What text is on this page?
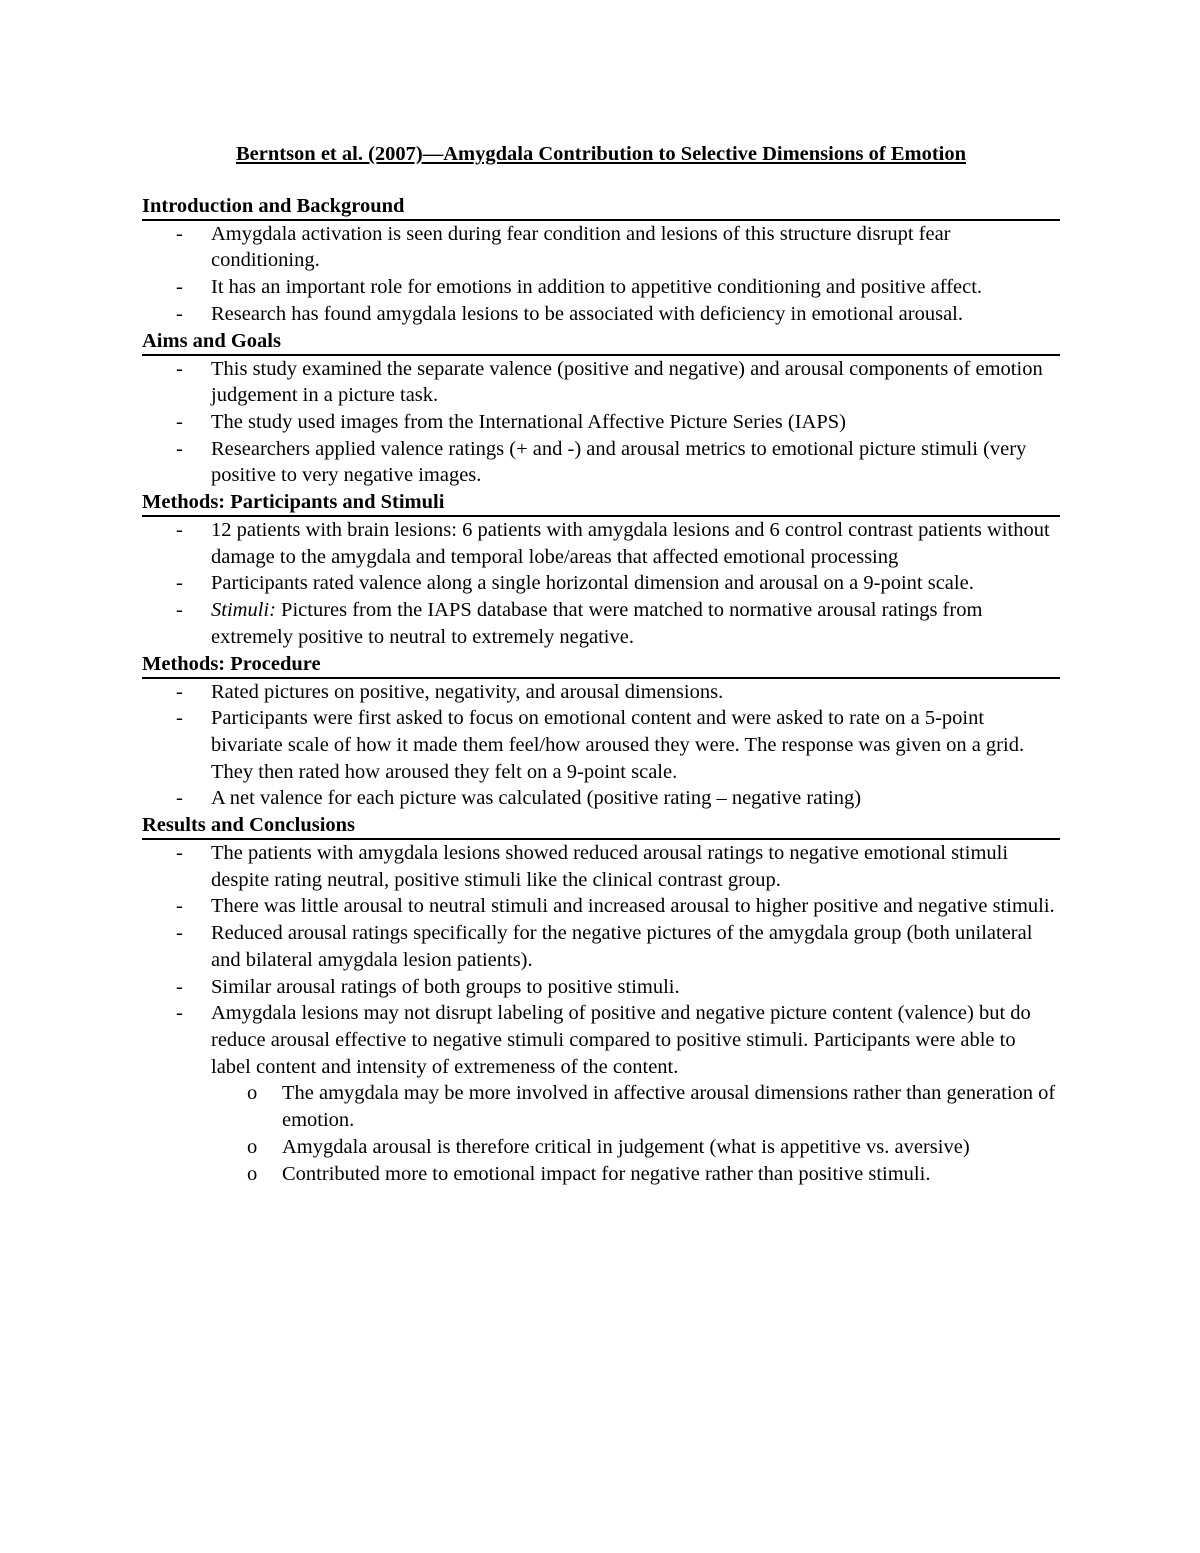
Berntson et al. (2007)—Amygdala Contribution to Selective Dimensions of Emotion
Introduction and Background
- Amygdala activation is seen during fear condition and lesions of this structure disrupt fear conditioning.
- It has an important role for emotions in addition to appetitive conditioning and positive affect.
- Research has found amygdala lesions to be associated with deficiency in emotional arousal.
Aims and Goals
- This study examined the separate valence (positive and negative) and arousal components of emotion judgement in a picture task.
- The study used images from the International Affective Picture Series (IAPS)
- Researchers applied valence ratings (+ and -) and arousal metrics to emotional picture stimuli (very positive to very negative images.
Methods: Participants and Stimuli
- 12 patients with brain lesions: 6 patients with amygdala lesions and 6 control contrast patients without damage to the amygdala and temporal lobe/areas that affected emotional processing
- Participants rated valence along a single horizontal dimension and arousal on a 9-point scale.
- Stimuli: Pictures from the IAPS database that were matched to normative arousal ratings from extremely positive to neutral to extremely negative.
Methods: Procedure
- Rated pictures on positive, negativity, and arousal dimensions.
- Participants were first asked to focus on emotional content and were asked to rate on a 5-point bivariate scale of how it made them feel/how aroused they were. The response was given on a grid. They then rated how aroused they felt on a 9-point scale.
- A net valence for each picture was calculated (positive rating – negative rating)
Results and Conclusions
- The patients with amygdala lesions showed reduced arousal ratings to negative emotional stimuli despite rating neutral, positive stimuli like the clinical contrast group.
- There was little arousal to neutral stimuli and increased arousal to higher positive and negative stimuli.
- Reduced arousal ratings specifically for the negative pictures of the amygdala group (both unilateral and bilateral amygdala lesion patients).
- Similar arousal ratings of both groups to positive stimuli.
- Amygdala lesions may not disrupt labeling of positive and negative picture content (valence) but do reduce arousal effective to negative stimuli compared to positive stimuli. Participants were able to label content and intensity of extremeness of the content.
o The amygdala may be more involved in affective arousal dimensions rather than generation of emotion.
o Amygdala arousal is therefore critical in judgement (what is appetitive vs. aversive)
o Contributed more to emotional impact for negative rather than positive stimuli.
